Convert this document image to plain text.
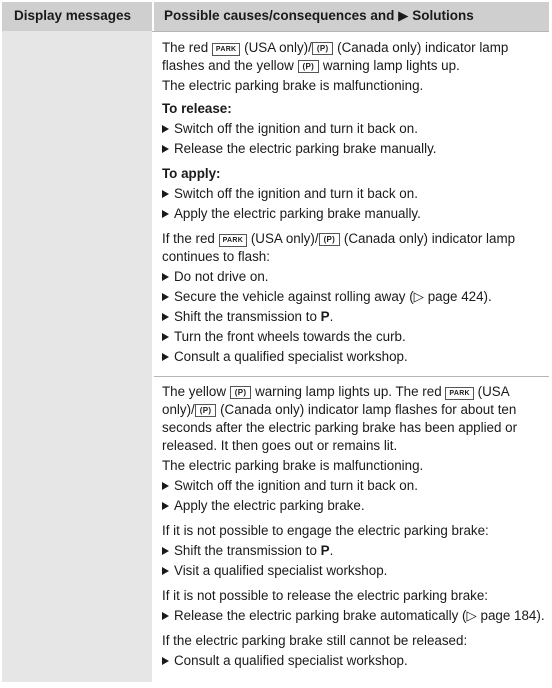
Display messages Possible causes/consequences and ▶ Solutions

The red PARK (USA only)/ (P) (Canada only) indicator lamp flashes and the yellow (P) warning lamp lights up.

The electric parking brake is malfunctioning.

To release:

Switch off the ignition and turn it back on.

Release the electric parking brake manually.

To apply:

Switch off the ignition and turn it back on.

Apply the electric parking brake manually.

If the red PARK (USA only)/ (P) (Canada only) indicator lamp continues to flash:

Do not drive on.

Secure the vehicle against rolling away (▷ page 424).

Shift the transmission to P.

Turn the front wheels towards the curb.

Consult a qualified specialist workshop.

The yellow (P) warning lamp lights up. The red PARK (USA only)/ (P) (Canada only) indicator lamp flashes for about ten seconds after the electric parking brake has been applied or released. It then goes out or remains lit.

The electric parking brake is malfunctioning.

Switch off the ignition and turn it back on.

Apply the electric parking brake.

If it is not possible to engage the electric parking brake:

Shift the transmission to P.

Visit a qualified specialist workshop.

If it is not possible to release the electric parking brake:

Release the electric parking brake automatically (▷ page 184).

If the electric parking brake still cannot be released:

Consult a qualified specialist workshop.
